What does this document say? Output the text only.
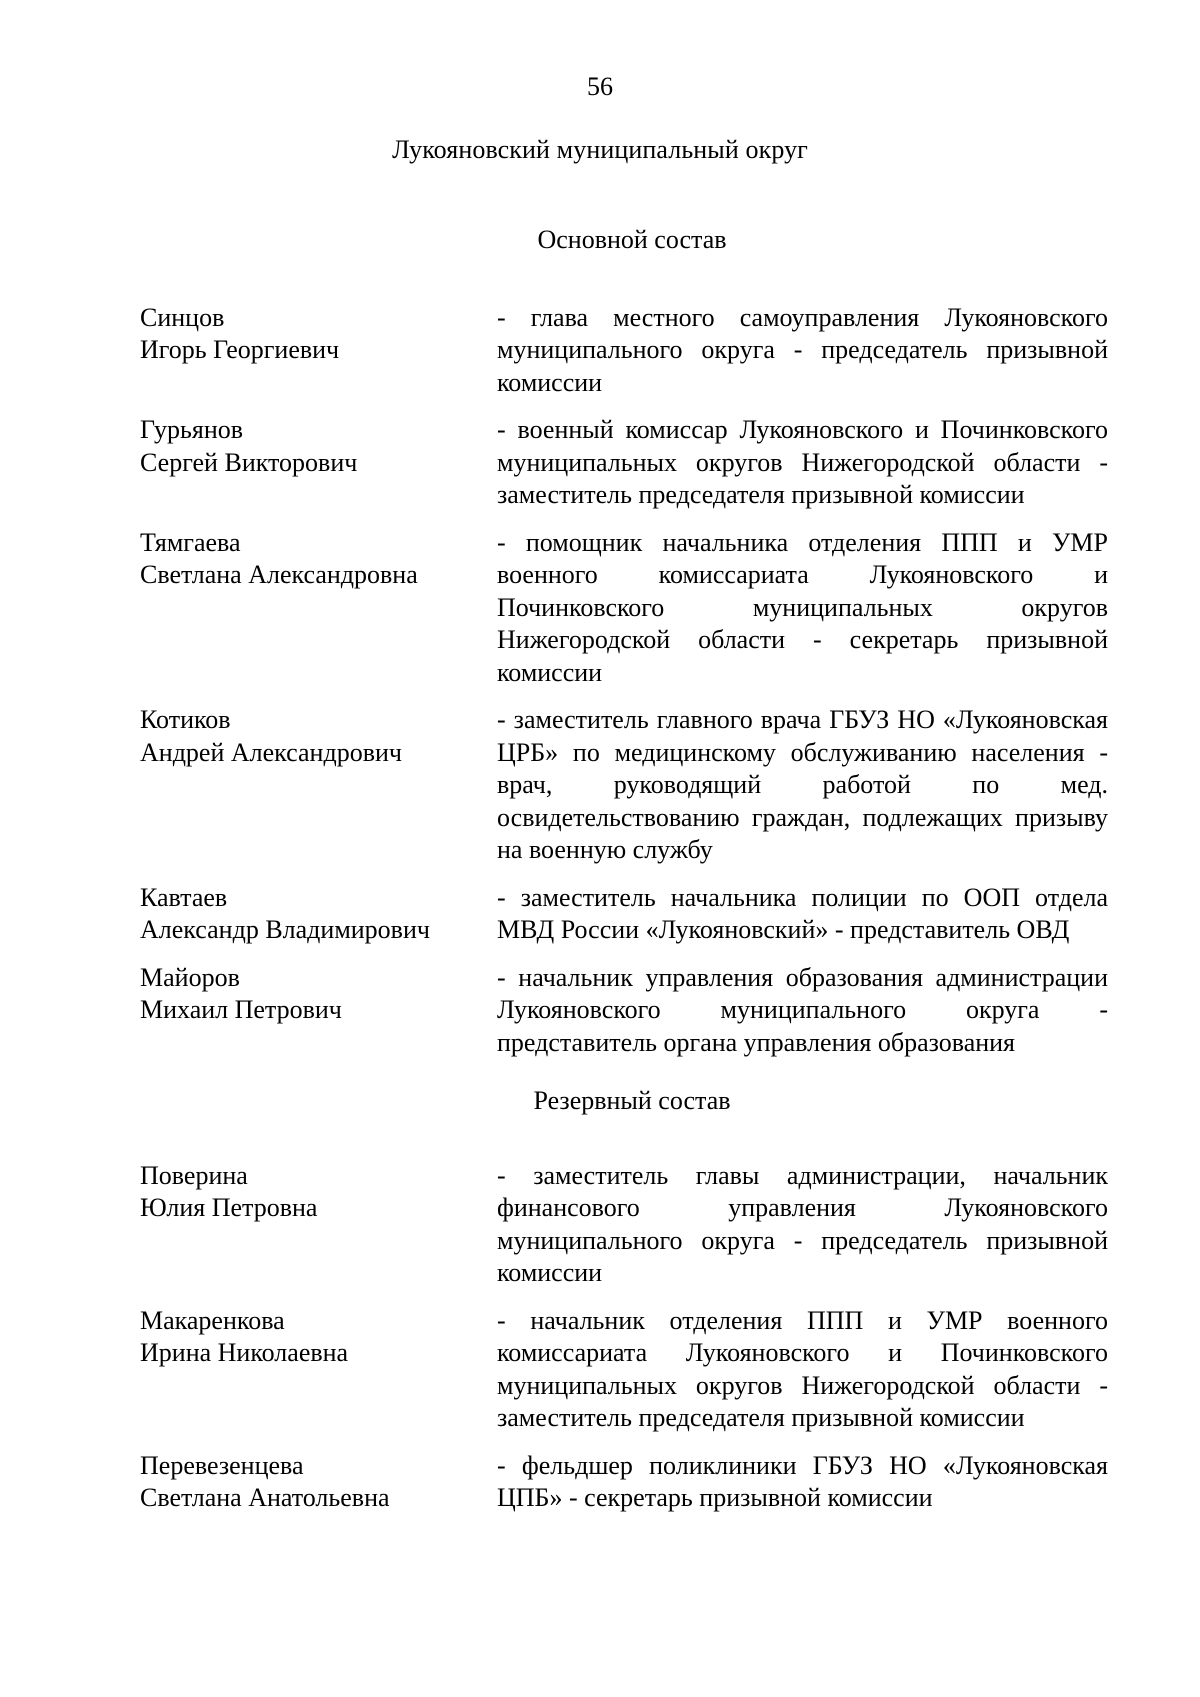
56
Лукояновский муниципальный округ

Основной состав

Синцов
Игорь Георгиевич
- глава местного самоуправления Лукояновского муниципального округа - председатель призывной комиссии
Гурьянов
Сергей Викторович
- военный комиссар Лукояновского и Починковского муниципальных округов Нижегородской области - заместитель председателя призывной комиссии
Тямгаева
Светлана Александровна
- помощник начальника отделения ППП и УМР военного комиссариата Лукояновского и Починковского муниципальных округов Нижегородской области - секретарь призывной комиссии
Котиков
Андрей Александрович
- заместитель главного врача ГБУЗ НО «Лукояновская ЦРБ» по медицинскому обслуживанию населения - врач, руководящий работой по мед. освидетельствованию граждан, подлежащих призыву на военную службу
Кавтаев
Александр Владимирович
- заместитель начальника полиции по ООП отдела МВД России «Лукояновский» - представитель ОВД
Майоров
Михаил Петрович
- начальник управления образования администрации Лукояновского муниципального округа - представитель органа управления образования

Резервный состав

Поверина
Юлия Петровна
- заместитель главы администрации, начальник финансового управления Лукояновского муниципального округа - председатель призывной комиссии
Макаренкова
Ирина Николаевна
- начальник отделения ППП и УМР военного комиссариата Лукояновского и Починковского муниципальных округов Нижегородской области - заместитель председателя призывной комиссии
Перевезенцева
Светлана Анатольевна
- фельдшер поликлиники ГБУЗ НО «Лукояновская ЦПБ» - секретарь призывной комиссии
